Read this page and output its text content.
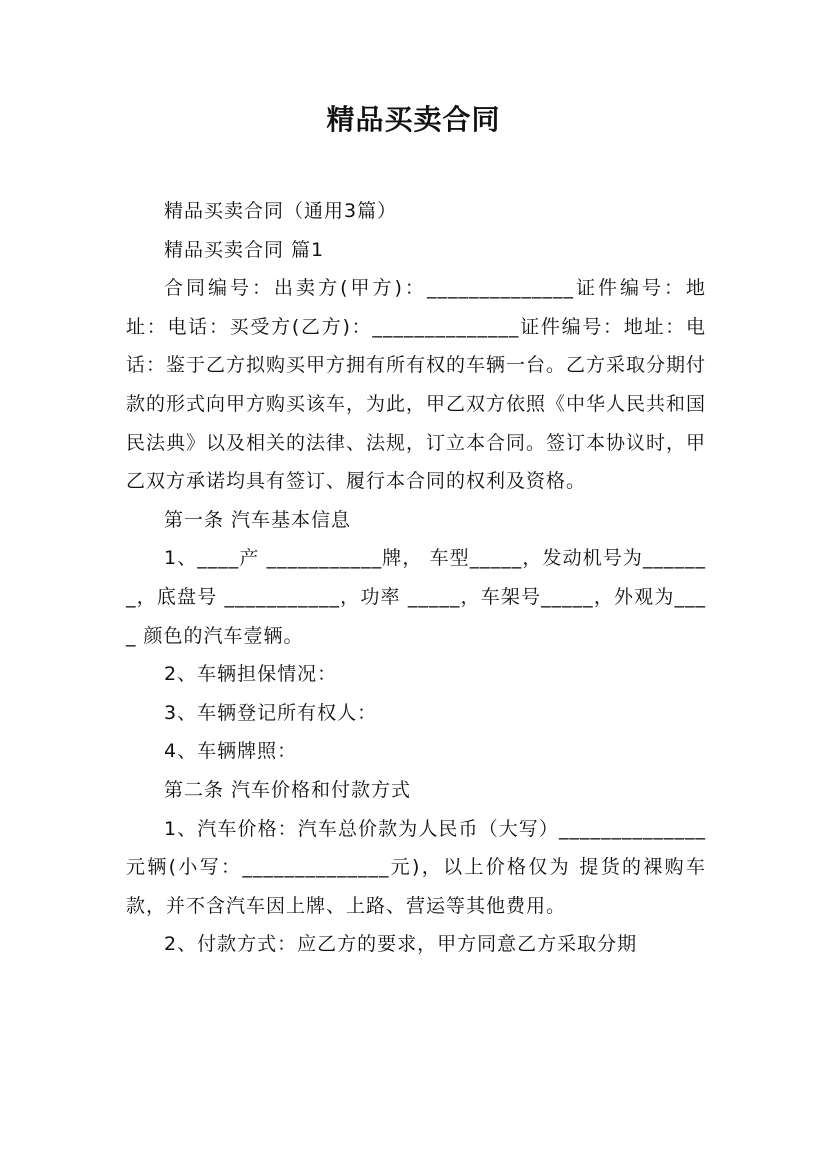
精品买卖合同

精品买卖合同（通用3篇）

精品买卖合同 篇1

合同编号：出卖方(甲方)：______________证件编号：地址：电话：买受方(乙方)：______________证件编号：地址：电话：鉴于乙方拟购买甲方拥有所有权的车辆一台。乙方采取分期付款的形式向甲方购买该车，为此，甲乙双方依照《中华人民共和国民法典》以及相关的法律、法规，订立本合同。签订本协议时，甲乙双方承诺均具有签订、履行本合同的权利及资格。

第一条 汽车基本信息

1、____产 ___________牌， 车型_____，发动机号为_______，底盘号 ___________，功率 _____，车架号_____，外观为____ 颜色的汽车壹辆。

2、车辆担保情况：

3、车辆登记所有权人：

4、车辆牌照：

第二条 汽车价格和付款方式

1、汽车价格：汽车总价款为人民币（大写）______________元辆(小写：______________元)，以上价格仅为 提货的裸购车款，并不含汽车因上牌、上路、营运等其他费用。

2、付款方式：应乙方的要求，甲方同意乙方采取分期
